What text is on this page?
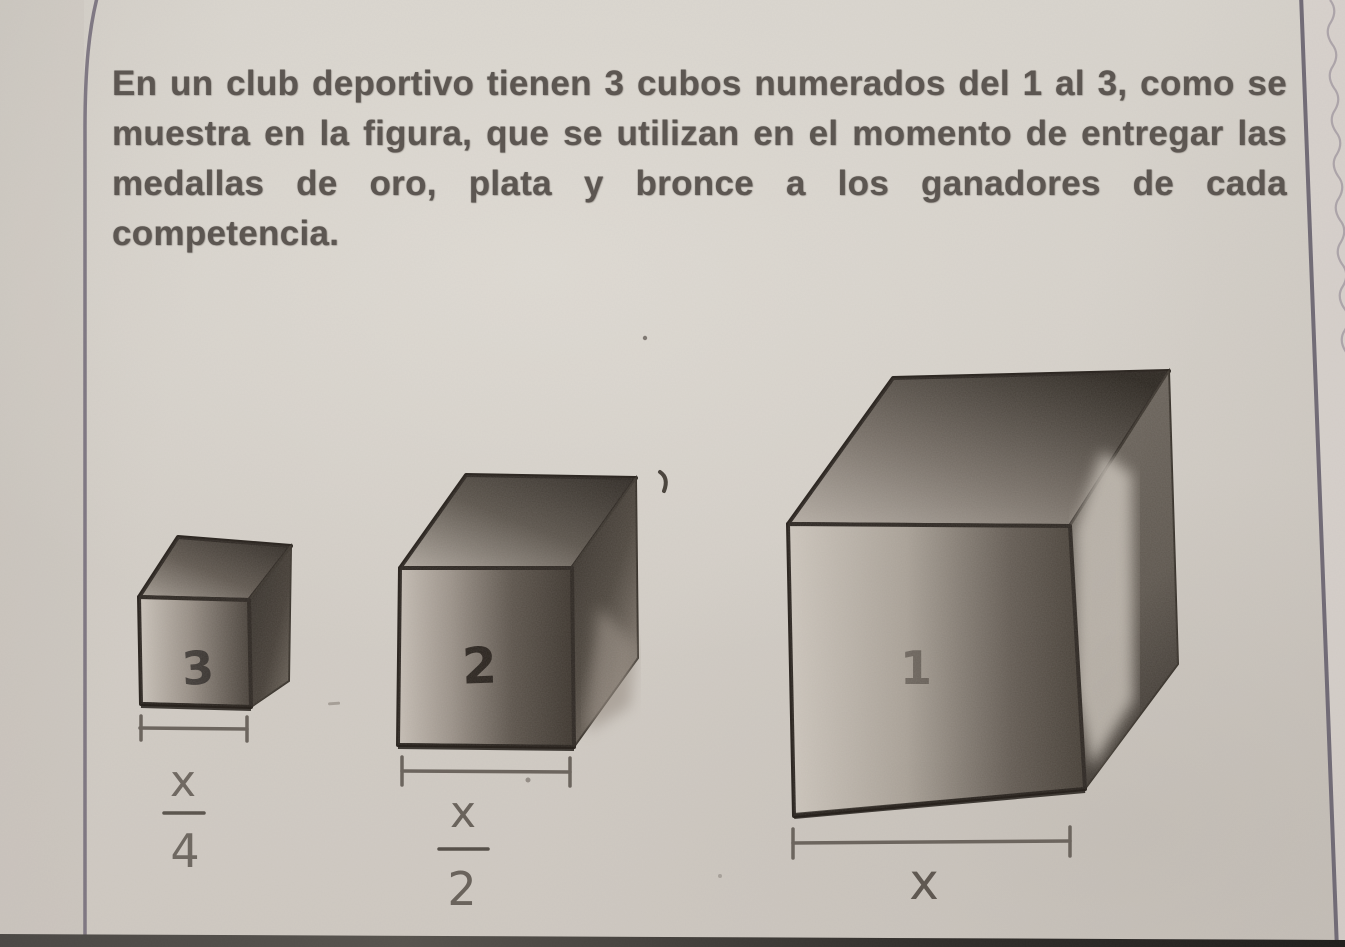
En un club deportivo tienen 3 cubos numerados del 1 al 3, como se
muestra en la figura, que se utilizan en el momento de entregar las
medallas de oro, plata y bronce a los ganadores de cada competencia.
3
x
4
2
x
2
1
x
